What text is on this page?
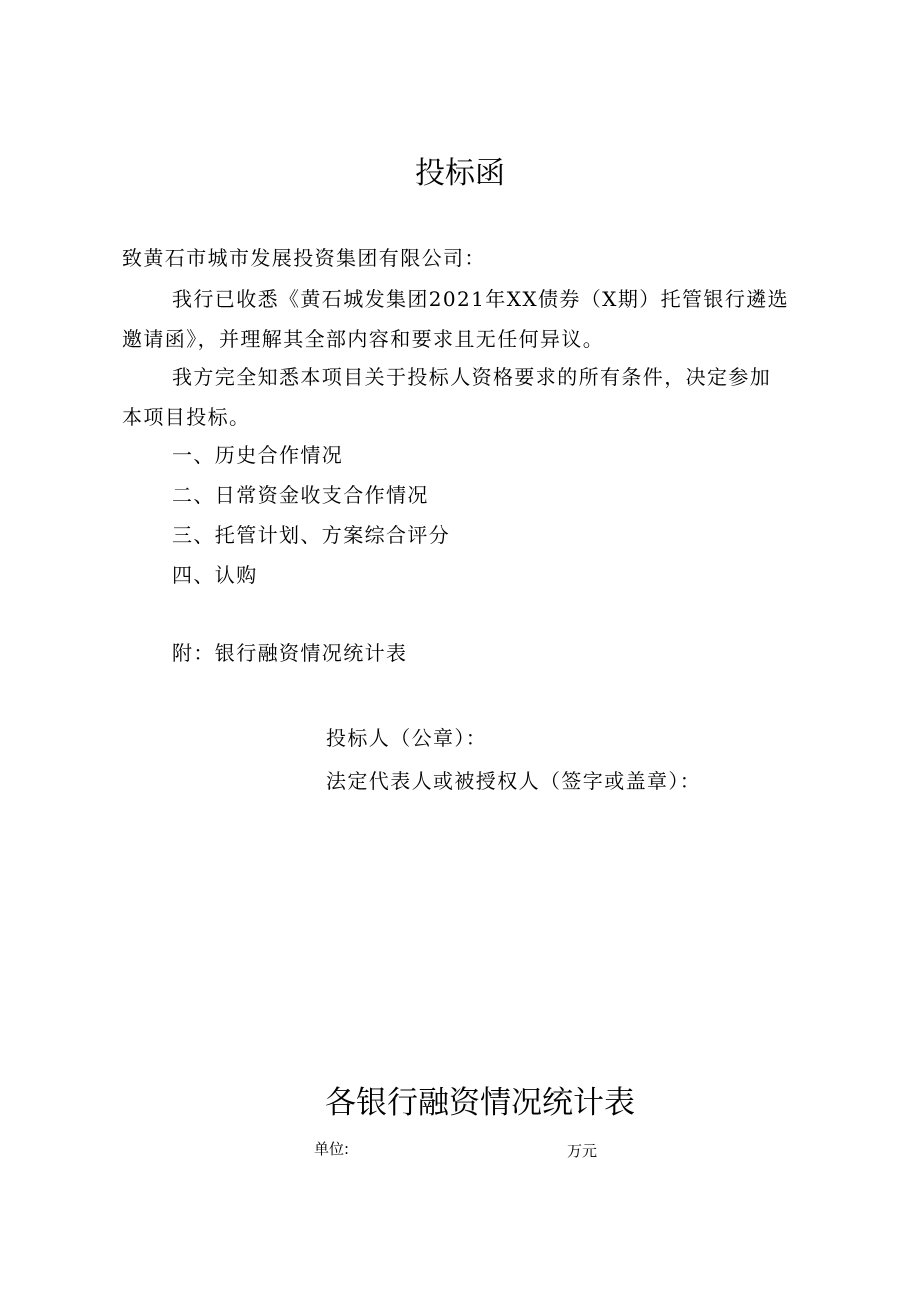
投标函
致黄石市城市发展投资集团有限公司：
我行已收悉《黄石城发集团2021年XX债券（X期）托管银行遴选
邀请函》，并理解其全部内容和要求且无任何异议。
我方完全知悉本项目关于投标人资格要求的所有条件，决定参加
本项目投标。
一、历史合作情况
二、日常资金收支合作情况
三、托管计划、方案综合评分
四、认购
附：银行融资情况统计表
投标人（公章）：
法定代表人或被授权人（签字或盖章）：
各银行融资情况统计表
单位:	万元
